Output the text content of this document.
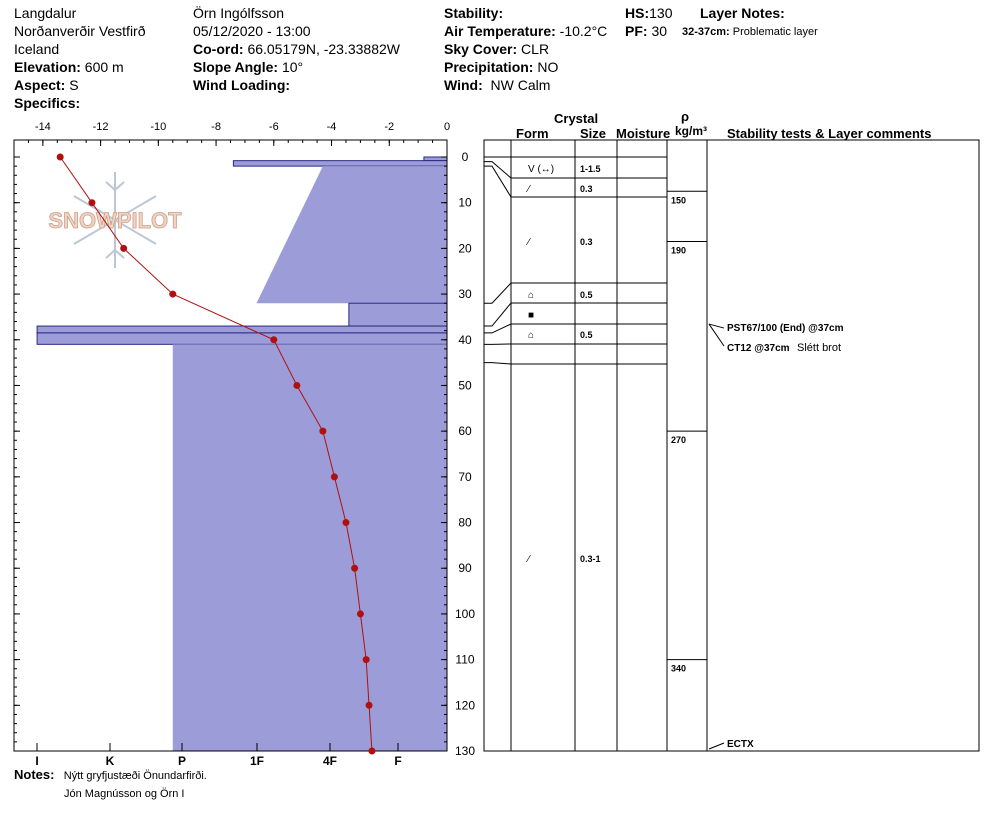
Langdalur
Norðanverðir Vestfirð
Iceland
Elevation: 600 m
Aspect: S
Specifics:
Örn Ingólfsson
05/12/2020 - 13:00
Co-ord: 66.05179N, -23.33882W
Slope Angle: 10°
Wind Loading:
Stability:
Air Temperature: -10.2°C
Sky Cover: CLR
Precipitation: NO
Wind: NW Calm
HS:130
PF: 30
Layer Notes:
32-37cm: Problematic layer
Crystal
Form Size Moisture
ρ
kg/m³ Stability tests & Layer comments
SNOWPILOT
-14	-12	-10	-8	-6	-4	-2	0
0
10
20
30
40
50
60
70
80
90
100
110
120
130
I	K	P	1F	4F	F
V (↔)	1-1.5
⁄	0.3
⁄	0.3
⌂	0.5
■
⌂	0.5
⁄	0.3-1
150
190
270
340
PST67/100 (End) @37cm
CT12 @37cm Slétt brot
ECTX
Notes: Nýtt gryfjustæði Önundarfirði.
Jón Magnússon og Örn I
